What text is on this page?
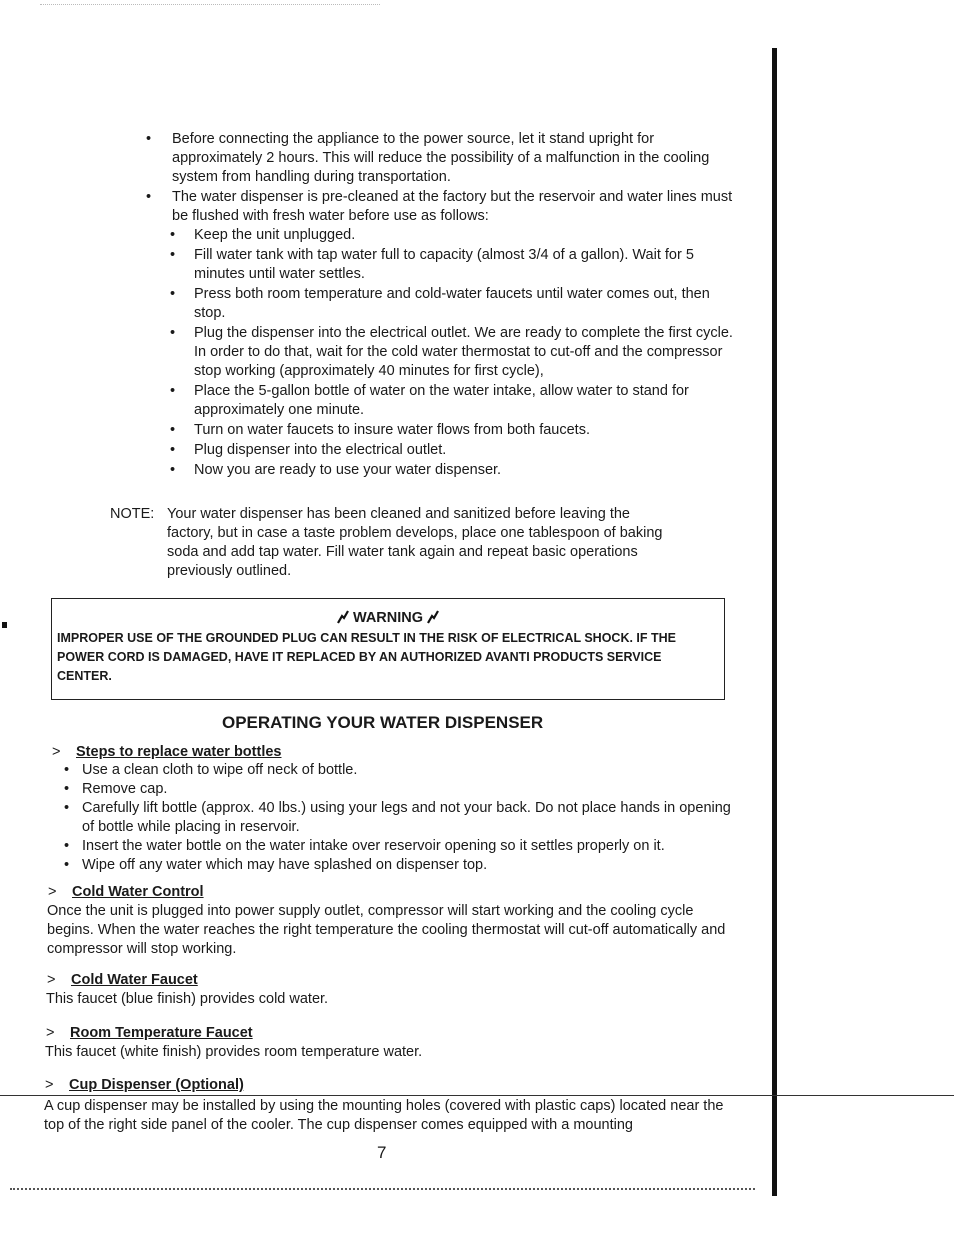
• Before connecting the appliance to the power source, let it stand upright for approximately 2 hours. This will reduce the possibility of a malfunction in the cooling system from handling during transportation.
• The water dispenser is pre-cleaned at the factory but the reservoir and water lines must be flushed with fresh water before use as follows:
• Keep the unit unplugged.
• Fill water tank with tap water full to capacity (almost 3/4 of a gallon). Wait for 5 minutes until water settles.
• Press both room temperature and cold-water faucets until water comes out, then stop.
• Plug the dispenser into the electrical outlet. We are ready to complete the first cycle. In order to do that, wait for the cold water thermostat to cut-off and the compressor stop working (approximately 40 minutes for first cycle),
• Place the 5-gallon bottle of water on the water intake, allow water to stand for approximately one minute.
• Turn on water faucets to insure water flows from both faucets.
• Plug dispenser into the electrical outlet.
• Now you are ready to use your water dispenser.
NOTE: Your water dispenser has been cleaned and sanitized before leaving the factory, but in case a taste problem develops, place one tablespoon of baking soda and add tap water. Fill water tank again and repeat basic operations previously outlined.
WARNING
IMPROPER USE OF THE GROUNDED PLUG CAN RESULT IN THE RISK OF ELECTRICAL SHOCK. IF THE POWER CORD IS DAMAGED, HAVE IT REPLACED BY AN AUTHORIZED AVANTI PRODUCTS SERVICE CENTER.
OPERATING YOUR WATER DISPENSER
> Steps to replace water bottles
• Use a clean cloth to wipe off neck of bottle.
• Remove cap.
• Carefully lift bottle (approx. 40 lbs.) using your legs and not your back. Do not place hands in opening of bottle while placing in reservoir.
• Insert the water bottle on the water intake over reservoir opening so it settles properly on it.
• Wipe off any water which may have splashed on dispenser top.
> Cold Water Control
Once the unit is plugged into power supply outlet, compressor will start working and the cooling cycle begins. When the water reaches the right temperature the cooling thermostat will cut-off automatically and compressor will stop working.
> Cold Water Faucet
This faucet (blue finish) provides cold water.
> Room Temperature Faucet
This faucet (white finish) provides room temperature water.
> Cup Dispenser (Optional)
A cup dispenser may be installed by using the mounting holes (covered with plastic caps) located near the top of the right side panel of the cooler. The cup dispenser comes equipped with a mounting
7
